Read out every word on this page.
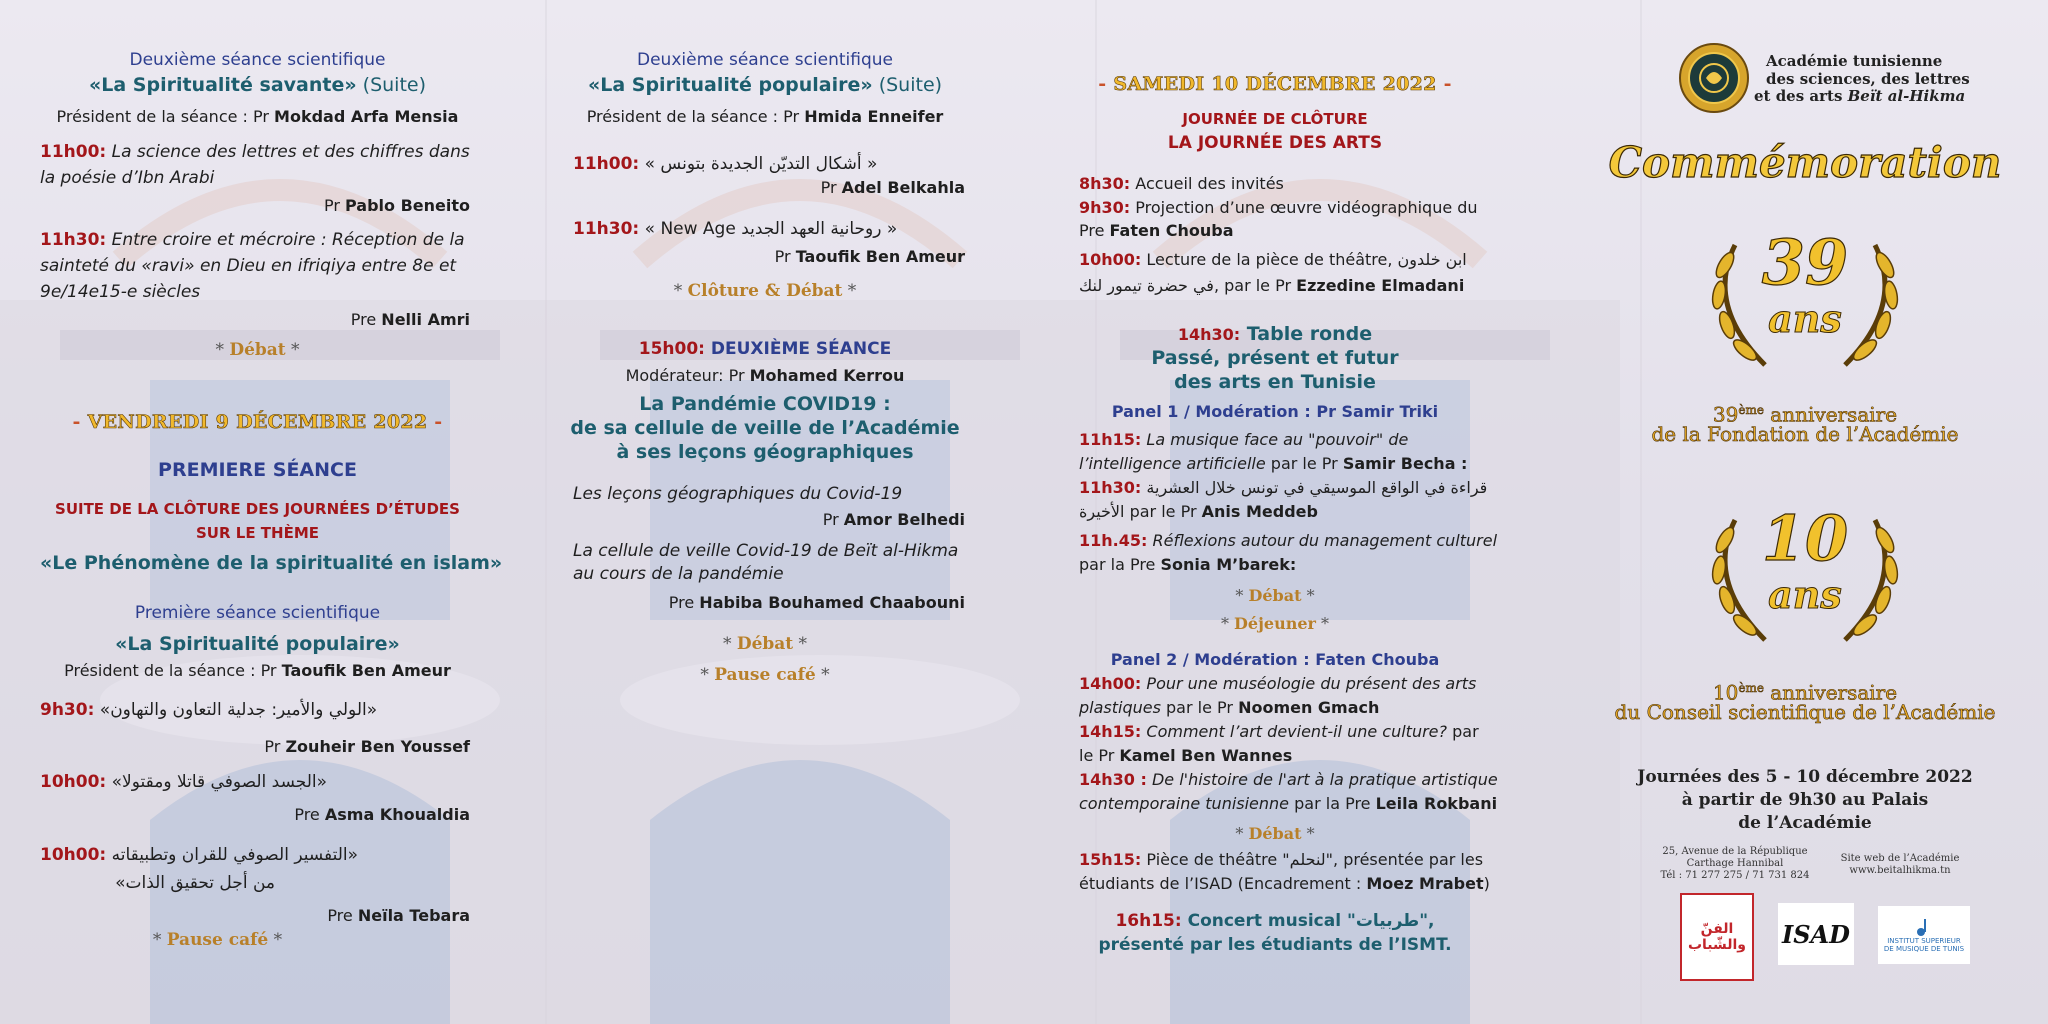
Deuxième séance scientifique

«La Spiritualité savante» (Suite)

Président de la séance : Pr Mokdad Arfa Mensia

11h00: La science des lettres et des chiffres dans

la poésie d’Ibn Arabi

Pr Pablo Beneito

11h30: Entre croire et mécroire : Réception de la

sainteté du «ravi» en Dieu en ifriqiya entre 8e et

9e/14e15-e siècles

Pre Nelli Amri

* Débat *

- VENDREDI 9 DÉCEMBRE 2022 -

PREMIERE SÉANCE

SUITE DE LA CLÔTURE DES JOURNÉES D’ÉTUDES

SUR LE THÈME

«Le Phénomène de la spiritualité en islam»

Première séance scientifique

«La Spiritualité populaire»

Président de la séance : Pr Taoufik Ben Ameur

9h30: «الولي والأمير: جدلية التعاون والتهاون»

Pr Zouheir Ben Youssef

10h00: «الجسد الصوفي قاتلا ومقتولا»

Pre Asma Khoualdia

10h00: «التفسير الصوفي للقران وتطبيقاته

من أجل تحقيق الذات»

Pre Neïla Tebara

* Pause café *

Deuxième séance scientifique

«La Spiritualité populaire» (Suite)

Président de la séance : Pr Hmida Enneifer

11h00: « أشكال التديّن الجديدة بتونس »

Pr Adel Belkahla

11h30: « روحانية العهد الجديد New Age »

Pr Taoufik Ben Ameur

* Clôture & Débat *

15h00: DEUXIÈME SÉANCE

Modérateur: Pr Mohamed Kerrou

La Pandémie COVID19 :

de sa cellule de veille de l’Académie

à ses leçons géographiques

Les leçons géographiques du Covid-19

Pr Amor Belhedi

La cellule de veille Covid-19 de Beït al-Hikma

au cours de la pandémie

Pre Habiba Bouhamed Chaabouni

* Débat *

* Pause café *

- SAMEDI 10 DÉCEMBRE 2022 -

JOURNÉE DE CLÔTURE

LA JOURNÉE DES ARTS

8h30: Accueil des invités

9h30: Projection d’une œuvre vidéographique du

Pre Faten Chouba

10h00: Lecture de la pièce de théâtre, ابن خلدون

في حضرة تيمور لنك, par le Pr Ezzedine Elmadani

14h30: Table ronde

Passé, présent et futur

des arts en Tunisie

Panel 1 / Modération : Pr Samir Triki

11h15: La musique face au "pouvoir" de

l’intelligence artificielle par le Pr Samir Becha :

11h30: قراءة في الواقع الموسيقي في تونس خلال العشرية

الأخيرة par le Pr Anis Meddeb

11h.45: Réflexions autour du management culturel

par la Pre Sonia M’barek:

* Débat *

* Déjeuner *

Panel 2 / Modération : Faten Chouba

14h00: Pour une muséologie du présent des arts

plastiques par le Pr Noomen Gmach

14h15: Comment l’art devient-il une culture? par

le Pr Kamel Ben Wannes

14h30 : De l'histoire de l'art à la pratique artistique

contemporaine tunisienne par la Pre Leila Rokbani

* Débat *

15h15: Pièce de théâtre "لنحلم", présentée par les

étudiants de l’ISAD (Encadrement : Moez Mrabet)

16h15: Concert musical "طربيات",

présenté par les étudiants de l’ISMT.

Académie tunisienne

des sciences, des lettres

et des arts Beït al-Hikma

Commémoration

39

ans

39ème anniversaire

de la Fondation de l’Académie

10

ans

10ème anniversaire

du Conseil scientifique de l’Académie

Journées des 5 - 10 décembre 2022

à partir de 9h30 au Palais

de l’Académie

25, Avenue de la République
Carthage Hannibal
Tél : 71 277 275 / 71 731 824
Site web de l’Académie
www.beitalhikma.tn
الفنّ والشّباب ISAD	INSTITUT SUPERIEUR
DE MUSIQUE DE TUNIS
